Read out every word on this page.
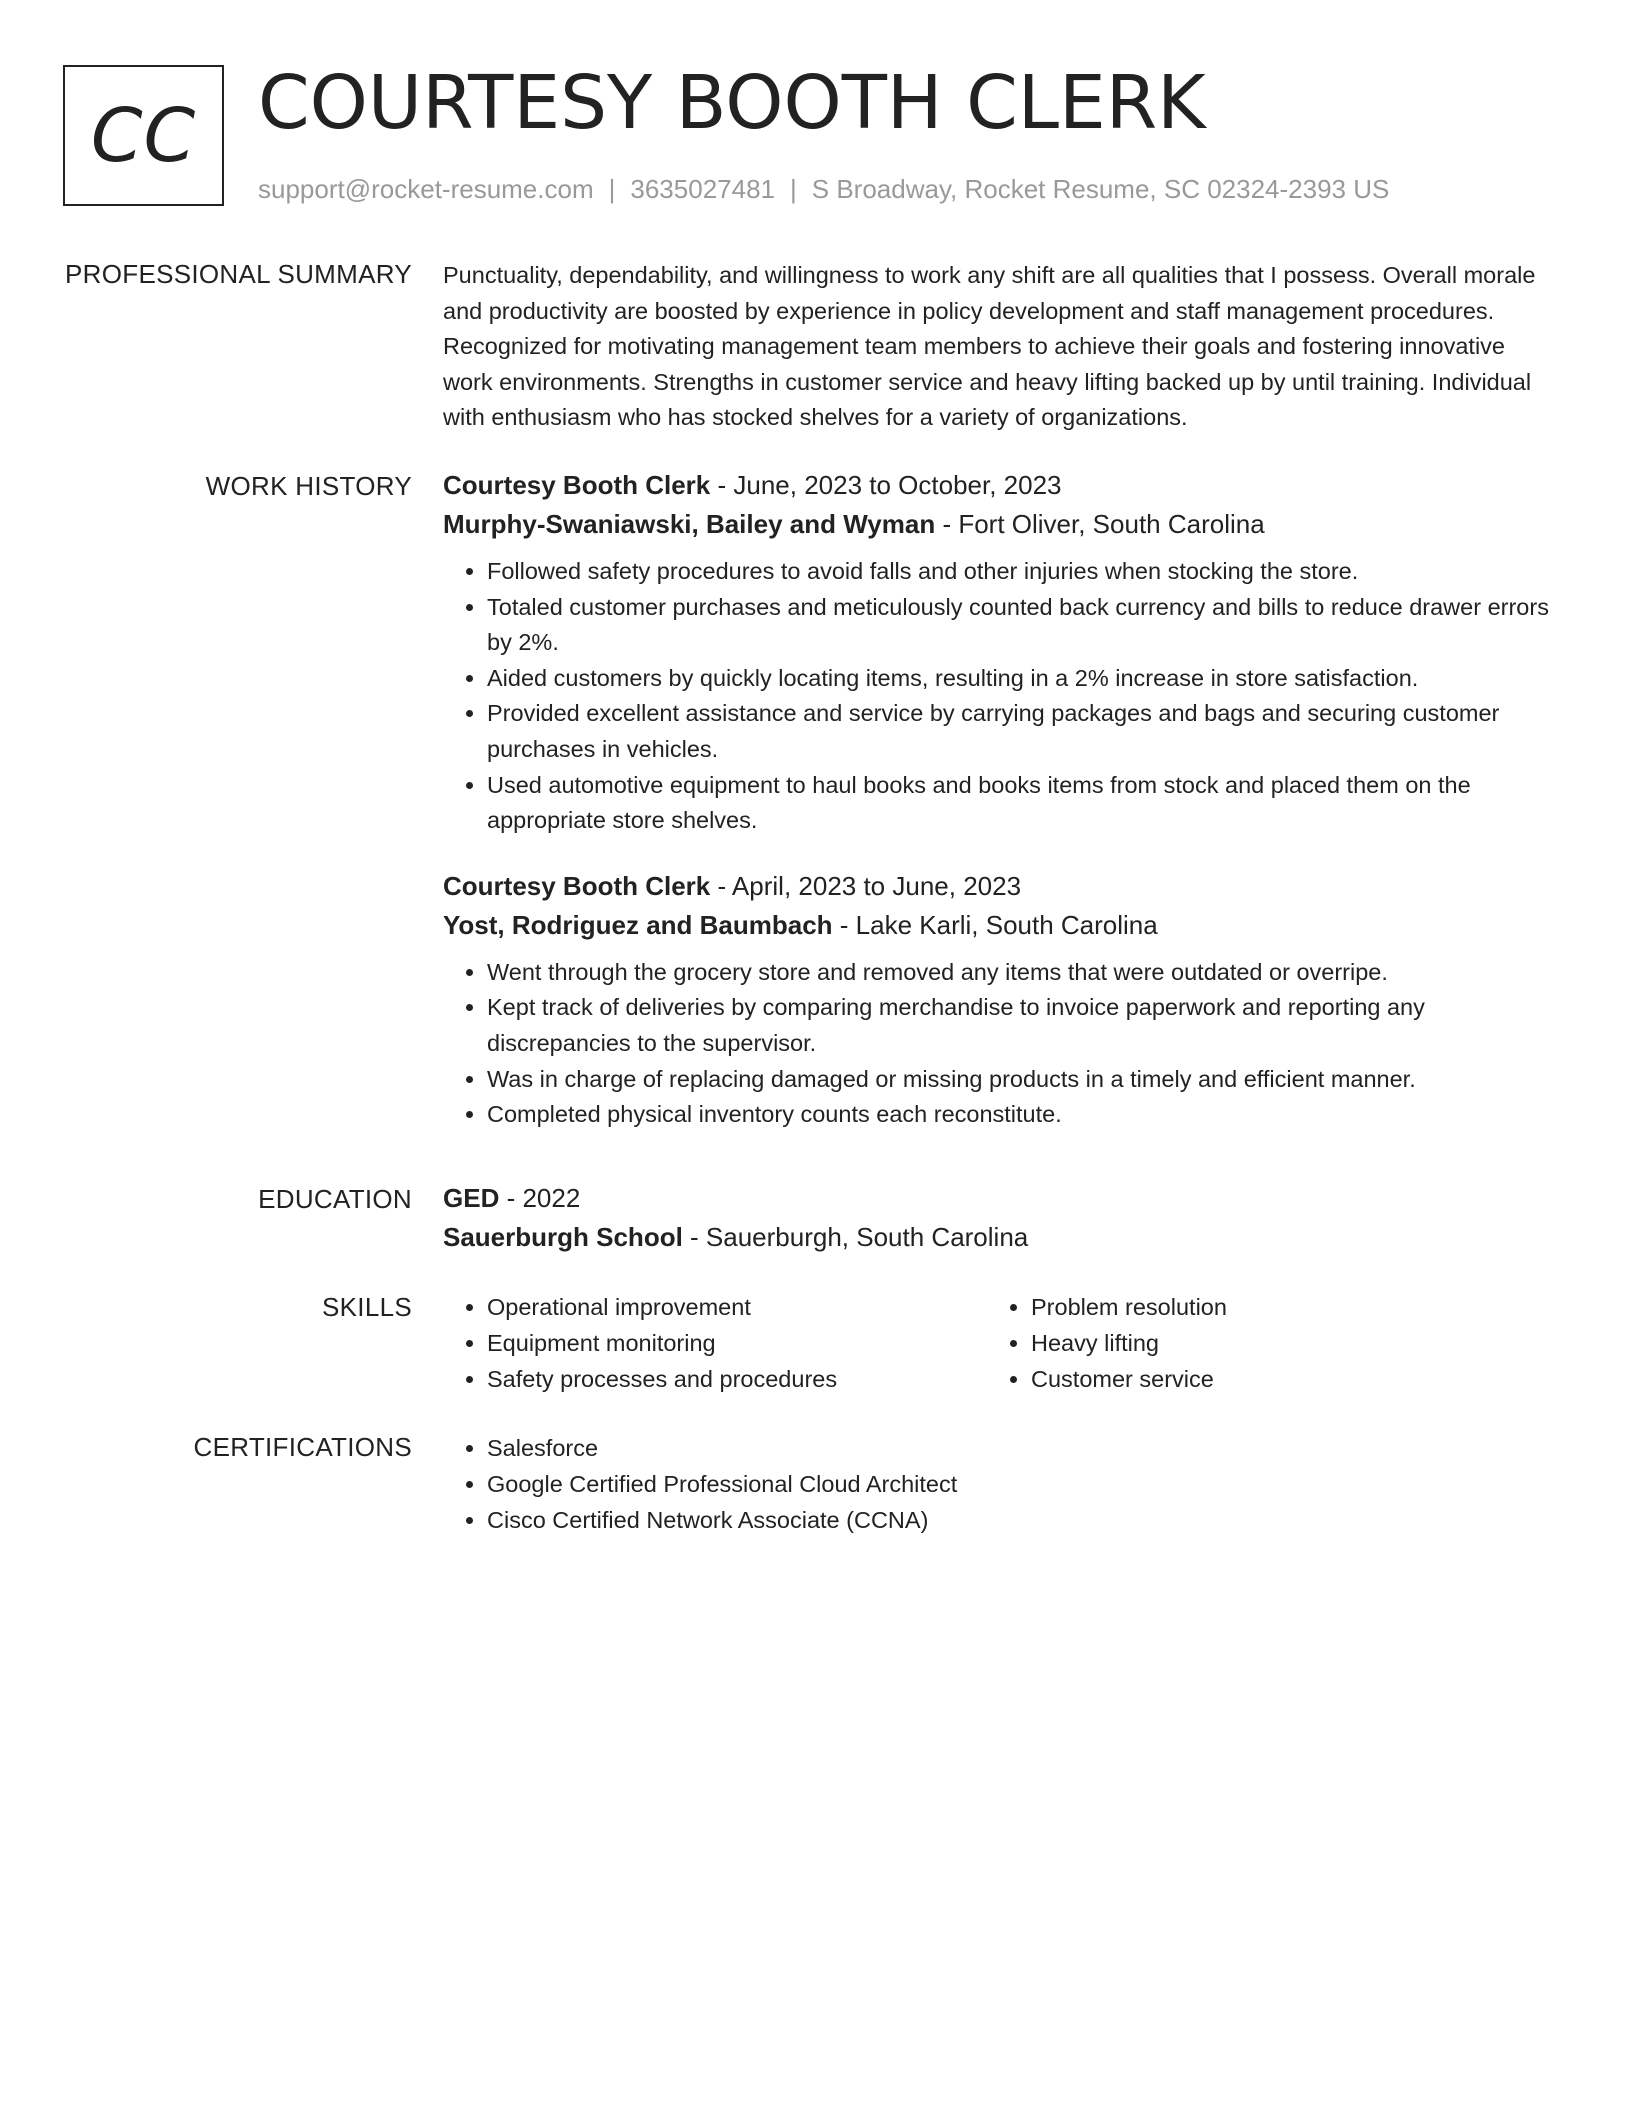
CC COURTESY BOOTH CLERK
support@rocket-resume.com | 3635027481 | S Broadway, Rocket Resume, SC 02324-2393 US
PROFESSIONAL SUMMARY Punctuality, dependability, and willingness to work any shift are all qualities that I possess. Overall morale and productivity are boosted by experience in policy development and staff management procedures. Recognized for motivating management team members to achieve their goals and fostering innovative work environments. Strengths in customer service and heavy lifting backed up by until training. Individual with enthusiasm who has stocked shelves for a variety of organizations.

WORK HISTORY Courtesy Booth Clerk - June, 2023 to October, 2023
Murphy-Swaniawski, Bailey and Wyman - Fort Oliver, South Carolina
• Followed safety procedures to avoid falls and other injuries when stocking the store.
• Totaled customer purchases and meticulously counted back currency and bills to reduce drawer errors by 2%.
• Aided customers by quickly locating items, resulting in a 2% increase in store satisfaction.
• Provided excellent assistance and service by carrying packages and bags and securing customer purchases in vehicles.
• Used automotive equipment to haul books and books items from stock and placed them on the appropriate store shelves.
Courtesy Booth Clerk - April, 2023 to June, 2023
Yost, Rodriguez and Baumbach - Lake Karli, South Carolina
• Went through the grocery store and removed any items that were outdated or overripe.
• Kept track of deliveries by comparing merchandise to invoice paperwork and reporting any discrepancies to the supervisor.
• Was in charge of replacing damaged or missing products in a timely and efficient manner.
• Completed physical inventory counts each reconstitute.
EDUCATION GED - 2022
Sauerburgh School - Sauerburgh, South Carolina
SKILLS	• Operational improvement
• Equipment monitoring
• Safety processes and procedures
• Problem resolution
• Heavy lifting
• Customer service
CERTIFICATIONS	• Salesforce
• Google Certified Professional Cloud Architect
• Cisco Certified Network Associate (CCNA)
